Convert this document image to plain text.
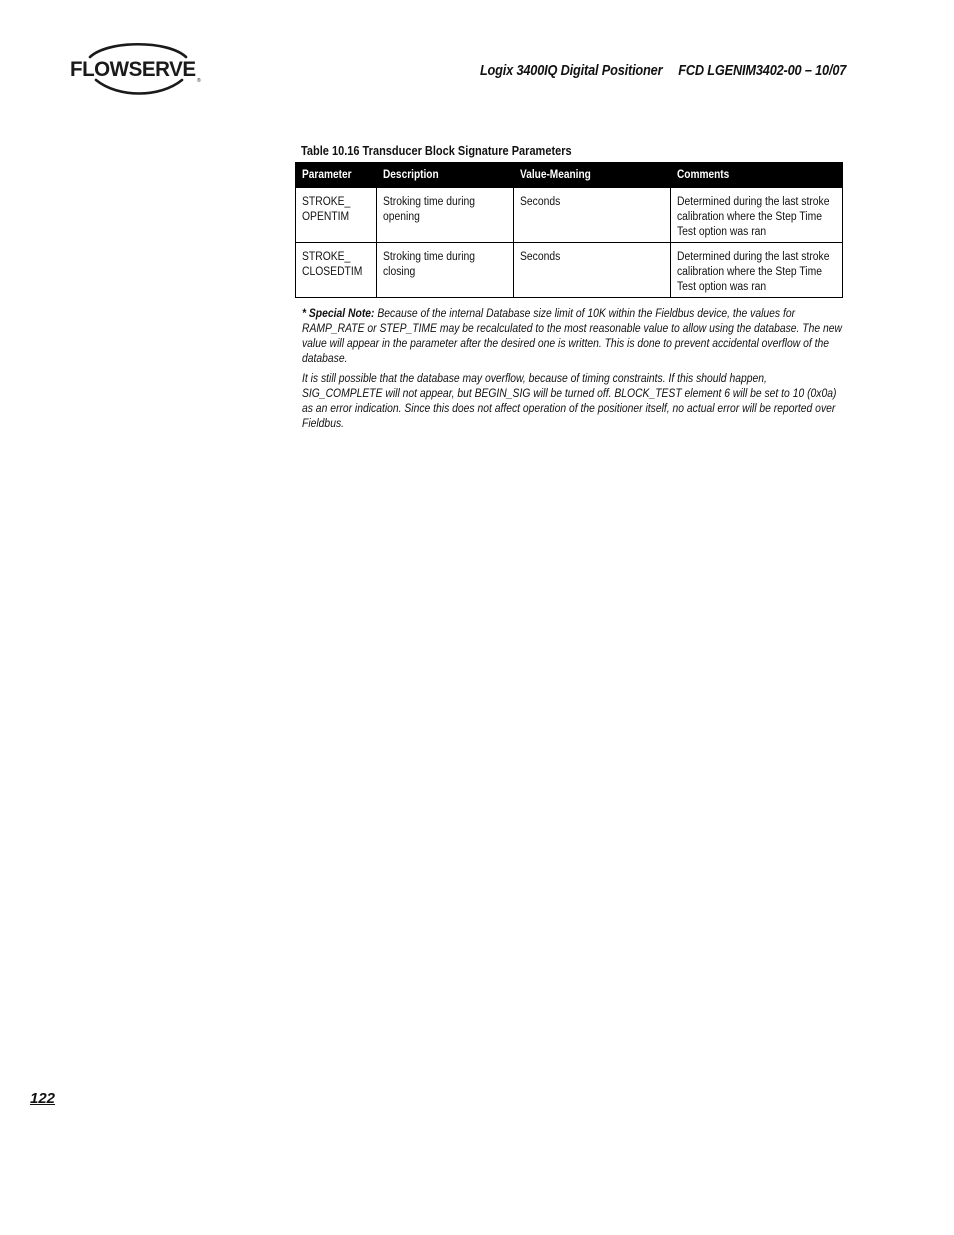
FLOWSERVE ®
Logix 3400IQ Digital Positioner FCD LGENIM3402-00 – 10/07
Table 10.16 Transducer Block Signature Parameters
Parameter	Description	Value-Meaning	Comments

STROKE_ OPENTIM	Stroking time during opening	Seconds	Determined during the last stroke calibration where the Step Time Test option was ran

STROKE_ CLOSEDTIM	Stroking time during closing	Seconds	Determined during the last stroke calibration where the Step Time Test option was ran

* Special Note: Because of the internal Database size limit of 10K within the Fieldbus device, the values for RAMP_RATE or STEP_TIME may be recalculated to the most reasonable value to allow using the database. The new value will appear in the parameter after the desired one is written. This is done to prevent accidental overflow of the database.

It is still possible that the database may overflow, because of timing constraints. If this should happen, SIG_COMPLETE will not appear, but BEGIN_SIG will be turned off. BLOCK_TEST element 6 will be set to 10 (0x0a) as an error indication. Since this does not affect operation of the positioner itself, no actual error will be reported over Fieldbus.

122
